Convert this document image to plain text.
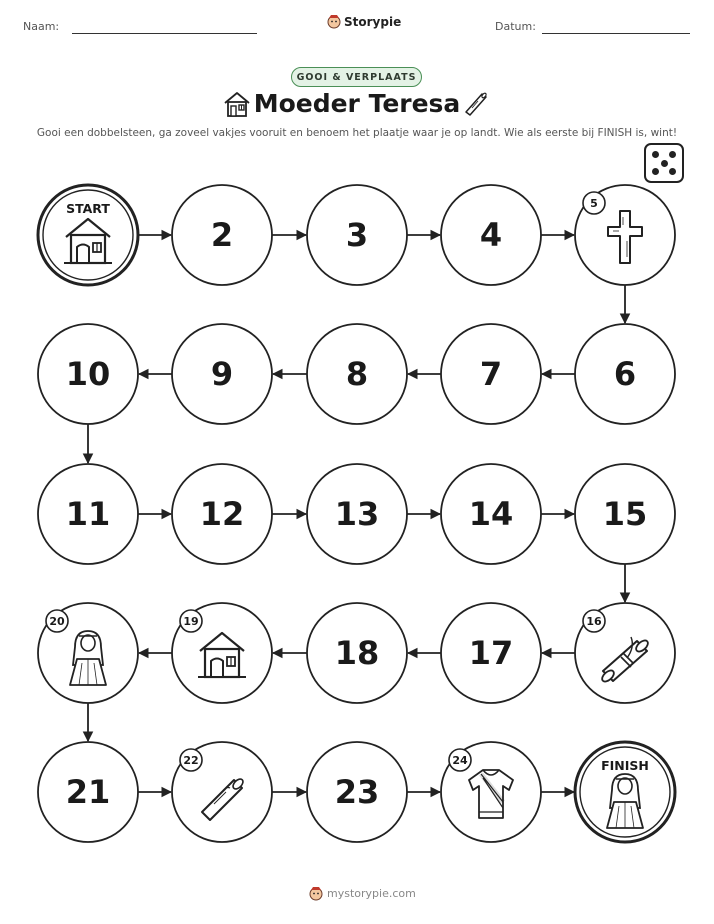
Naam:	Storypie	Datum:
GOOI & VERPLAATS
Moeder Teresa
Gooi een dobbelsteen, ga zoveel vakjes vooruit en benoem het plaatje waar je op landt. Wie als eerste bij FINISH is, wint!
START
2	3	4
5
6
7
8
9
10
11	12	13	14	15
16
17
18
19
20
21
22
23
24	FINISH
mystorypie.com
